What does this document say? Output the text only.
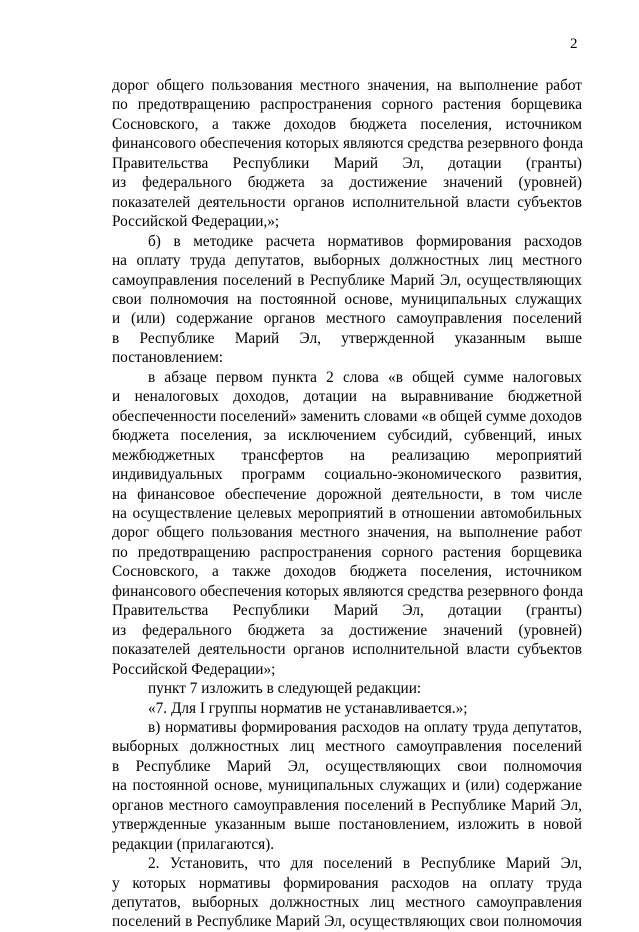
2
дорог общего пользования местного значения, на выполнение работ
по предотвращению распространения сорного растения борщевика
Сосновского, а также доходов бюджета поселения, источником
финансового обеспечения которых являются средства резервного фонда
Правительства Республики Марий Эл, дотации (гранты)
из федерального бюджета за достижение значений (уровней)
показателей деятельности органов исполнительной власти субъектов
Российской Федерации,»;
б) в методике расчета нормативов формирования расходов
на оплату труда депутатов, выборных должностных лиц местного
самоуправления поселений в Республике Марий Эл, осуществляющих
свои полномочия на постоянной основе, муниципальных служащих
и (или) содержание органов местного самоуправления поселений
в Республике Марий Эл, утвержденной указанным выше
постановлением:
в абзаце первом пункта 2 слова «в общей сумме налоговых
и неналоговых доходов, дотации на выравнивание бюджетной
обеспеченности поселений» заменить словами «в общей сумме доходов
бюджета поселения, за исключением субсидий, субвенций, иных
межбюджетных трансфертов на реализацию мероприятий
индивидуальных программ социально-экономического развития,
на финансовое обеспечение дорожной деятельности, в том числе
на осуществление целевых мероприятий в отношении автомобильных
дорог общего пользования местного значения, на выполнение работ
по предотвращению распространения сорного растения борщевика
Сосновского, а также доходов бюджета поселения, источником
финансового обеспечения которых являются средства резервного фонда
Правительства Республики Марий Эл, дотации (гранты)
из федерального бюджета за достижение значений (уровней)
показателей деятельности органов исполнительной власти субъектов
Российской Федерации»;
пункт 7 изложить в следующей редакции:
«7. Для I группы норматив не устанавливается.»;
в) нормативы формирования расходов на оплату труда депутатов,
выборных должностных лиц местного самоуправления поселений
в Республике Марий Эл, осуществляющих свои полномочия
на постоянной основе, муниципальных служащих и (или) содержание
органов местного самоуправления поселений в Республике Марий Эл,
утвержденные указанным выше постановлением, изложить в новой
редакции (прилагаются).
2. Установить, что для поселений в Республике Марий Эл,
у которых нормативы формирования расходов на оплату труда
депутатов, выборных должностных лиц местного самоуправления
поселений в Республике Марий Эл, осуществляющих свои полномочия
